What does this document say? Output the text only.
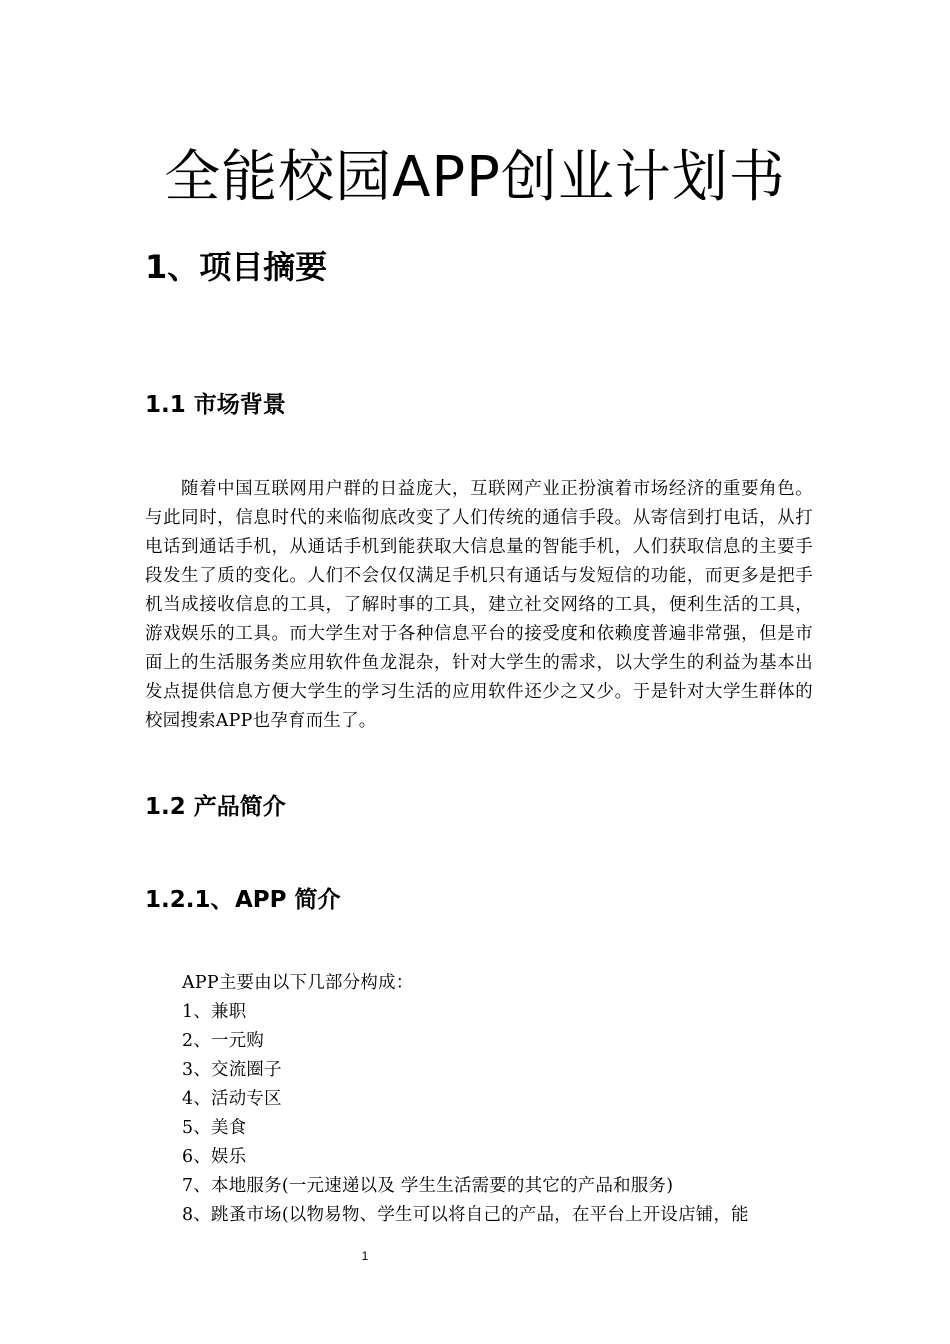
全能校园APP创业计划书
1、项目摘要
1.1 市场背景

随着中国互联网用户群的日益庞大，互联网产业正扮演着市场经济的重要角色。与此同时，信息时代的来临彻底改变了人们传统的通信手段。从寄信到打电话，从打电话到通话手机，从通话手机到能获取大信息量的智能手机，人们获取信息的主要手段发生了质的变化。人们不会仅仅满足手机只有通话与发短信的功能，而更多是把手机当成接收信息的工具，了解时事的工具，建立社交网络的工具，便利生活的工具，游戏娱乐的工具。而大学生对于各种信息平台的接受度和依赖度普遍非常强，但是市面上的生活服务类应用软件鱼龙混杂，针对大学生的需求，以大学生的利益为基本出发点提供信息方便大学生的学习生活的应用软件还少之又少。于是针对大学生群体的校园搜索APP也孕育而生了。

1.2 产品简介
1.2.1、APP 简介
APP主要由以下几部分构成：
1、兼职
2、一元购
3、交流圈子
4、活动专区
5、美食
6、娱乐
7、本地服务(一元速递以及 学生生活需要的其它的产品和服务)
8、跳蚤市场(以物易物、学生可以将自己的产品，在平台上开设店铺，能
1
